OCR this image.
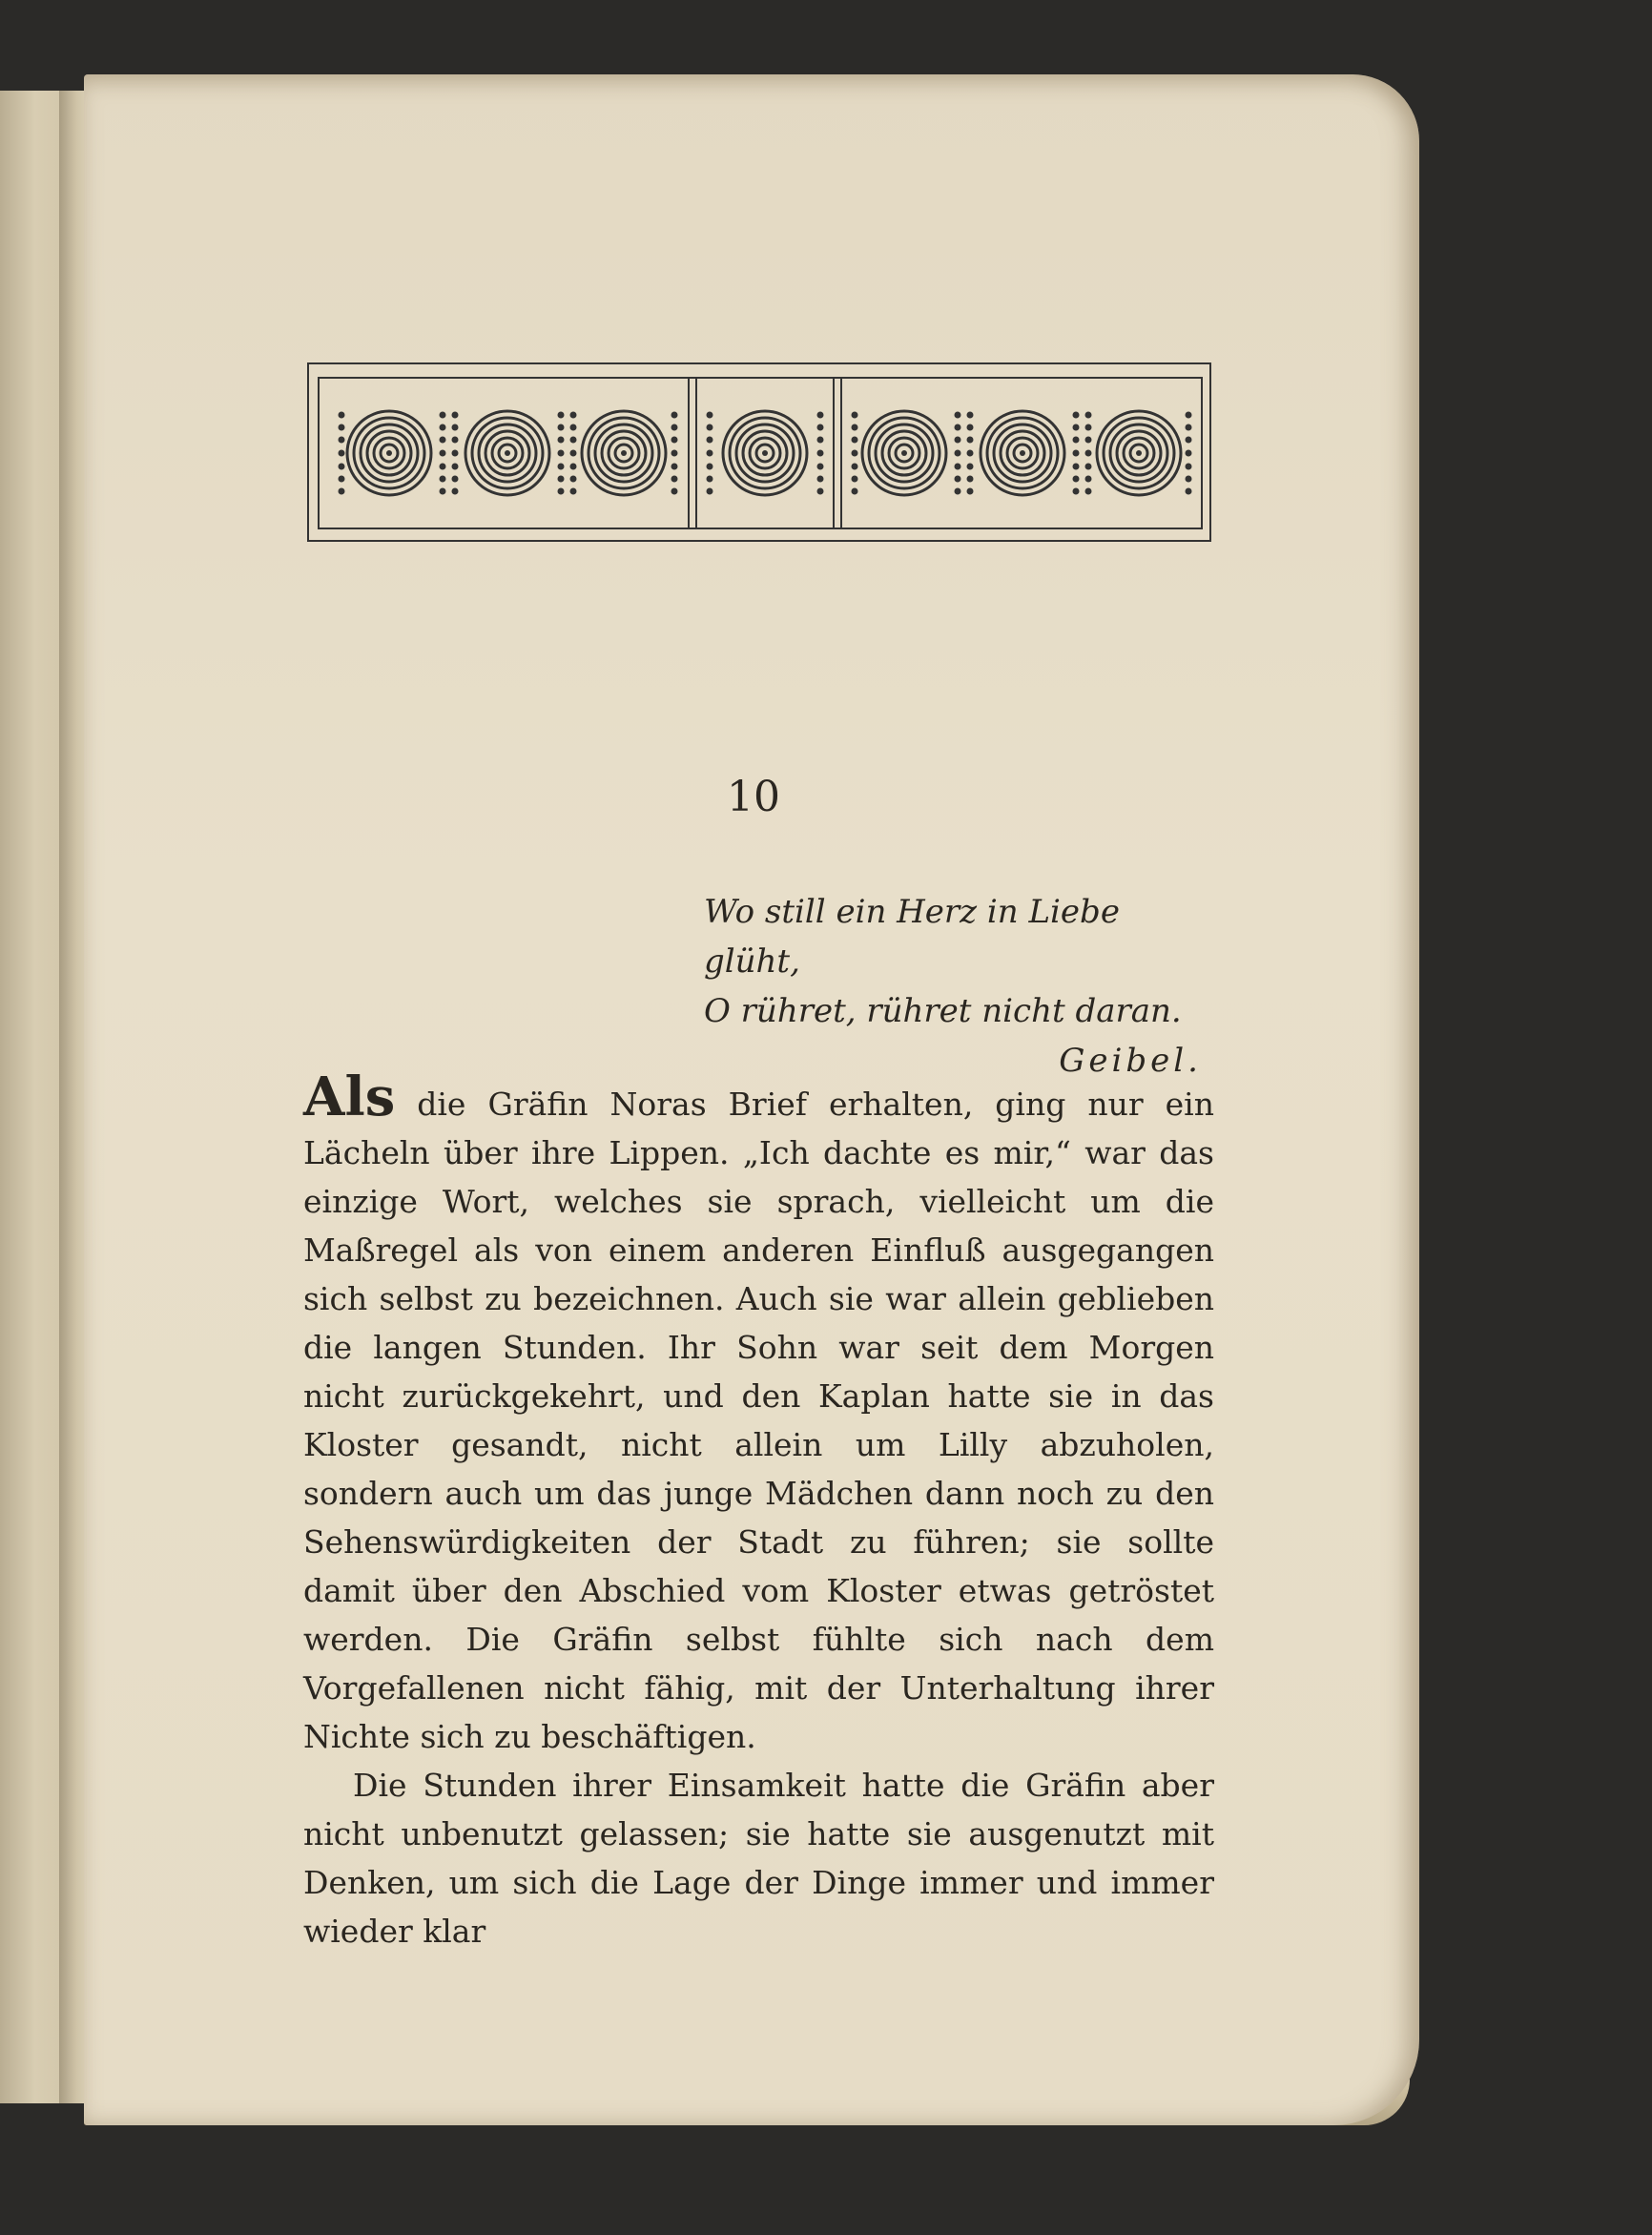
10
Wo still ein Herz in Liebe glüht,
O rühret, rühret nicht daran.
Geibel.

Als die Gräfin Noras Brief erhalten, ging nur ein Lächeln über ihre Lippen. „Ich dachte es mir,“ war das einzige Wort, welches sie sprach, vielleicht um die Maßregel als von einem anderen Einfluß ausgegangen sich selbst zu bezeichnen. Auch sie war allein geblieben die langen Stunden. Ihr Sohn war seit dem Morgen nicht zurückgekehrt, und den Kaplan hatte sie in das Kloster gesandt, nicht allein um Lilly abzuholen, sondern auch um das junge Mädchen dann noch zu den Sehenswürdigkeiten der Stadt zu führen; sie sollte damit über den Abschied vom Kloster etwas getröstet werden. Die Gräfin selbst fühlte sich nach dem Vorgefallenen nicht fähig, mit der Unterhaltung ihrer Nichte sich zu beschäftigen.

Die Stunden ihrer Einsamkeit hatte die Gräfin aber nicht unbenutzt gelassen; sie hatte sie ausgenutzt mit Denken, um sich die Lage der Dinge immer und immer wieder klar
